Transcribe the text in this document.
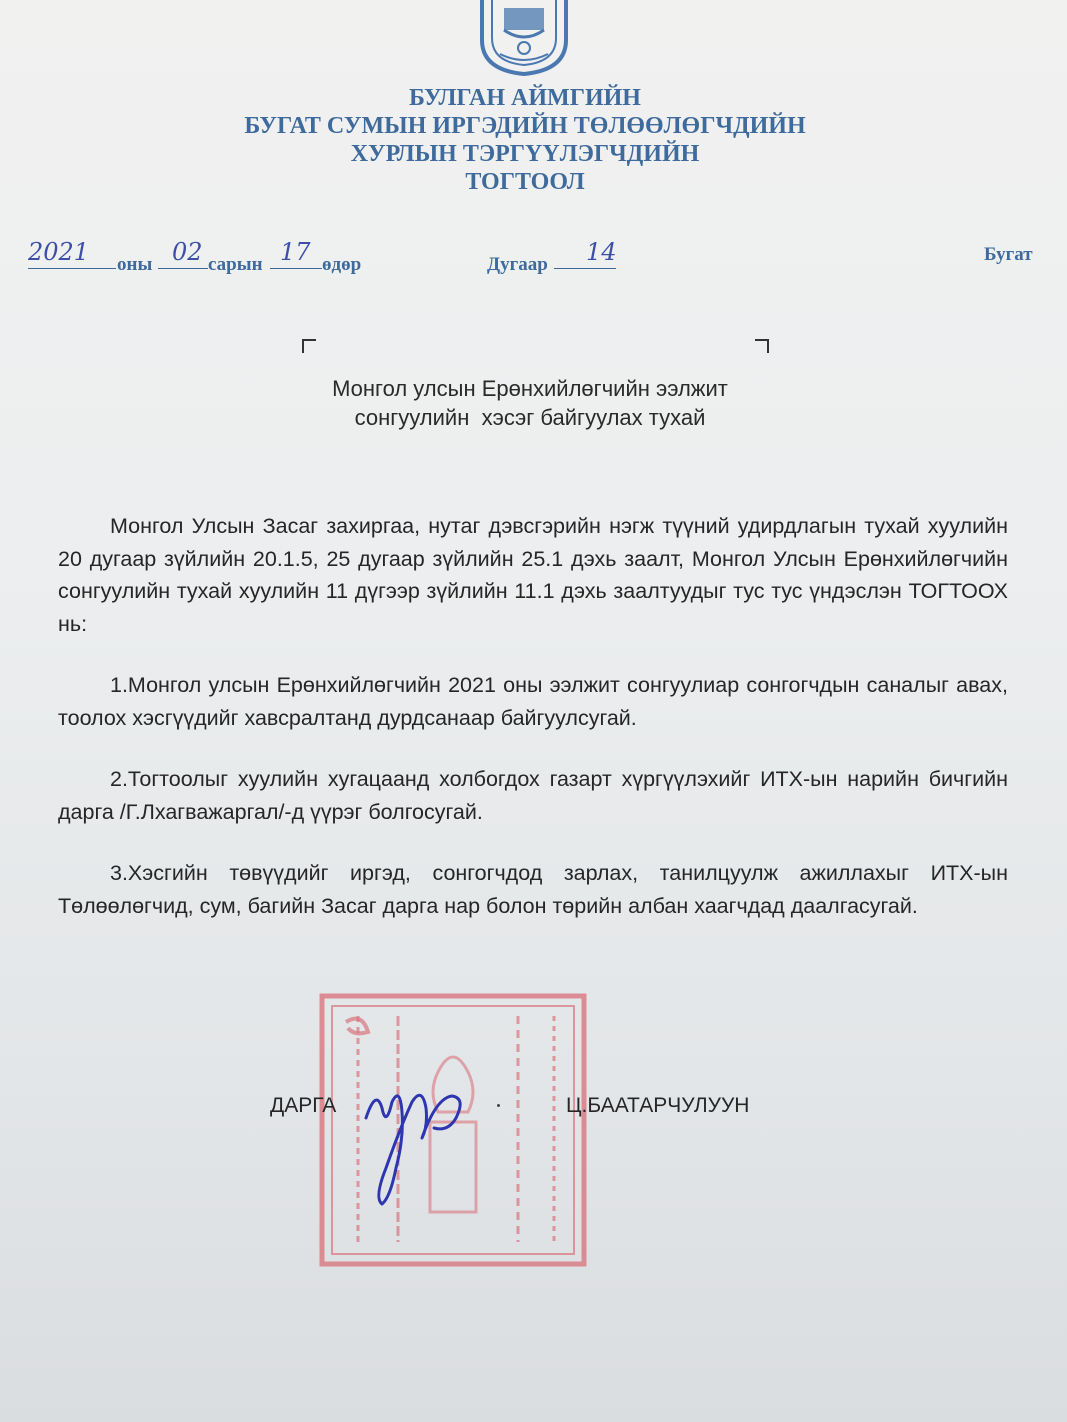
БУЛГАН АЙМГИЙН
БУГАТ СУМЫН ИРГЭДИЙН ТӨЛӨӨЛӨГЧДИЙН
ХУРЛЫН ТЭРГҮҮЛЭГЧДИЙН
ТОГТООЛ
2021 оны 02 сарын 17 өдөр	Дугаар 14	Бугат
Монгол улсын Ерөнхийлөгчийн ээлжит
сонгуулийн  хэсэг байгуулах тухай

Монгол Улсын Засаг захиргаа, нутаг дэвсгэрийн нэгж түүний удирдлагын тухай хуулийн 20 дугаар зүйлийн 20.1.5, 25 дугаар зүйлийн 25.1 дэхь заалт, Монгол Улсын Ерөнхийлөгчийн сонгуулийн тухай хуулийн 11 дүгээр зүйлийн 11.1 дэхь заалтуудыг тус тус үндэслэн ТОГТООХ нь:

1.Монгол улсын Ерөнхийлөгчийн 2021 оны ээлжит сонгуулиар сонгогчдын саналыг авах, тоолох хэсгүүдийг хавсралтанд дурдсанаар байгуулсугай.

2.Тогтоолыг хуулийн хугацаанд холбогдох газарт хүргүүлэхийг ИТХ-ын нарийн бичгийн дарга /Г.Лхагважаргал/-д үүрэг болгосугай.

3.Хэсгийн төвүүдийг иргэд, сонгогчдод зарлах, танилцуулж ажиллахыг ИТХ-ын Төлөөлөгчид, сум, багийн Засаг дарга нар болон төрийн албан хаагчдад даалгасугай.

ДАРГА	Ц.БААТАРЧУЛУУН
